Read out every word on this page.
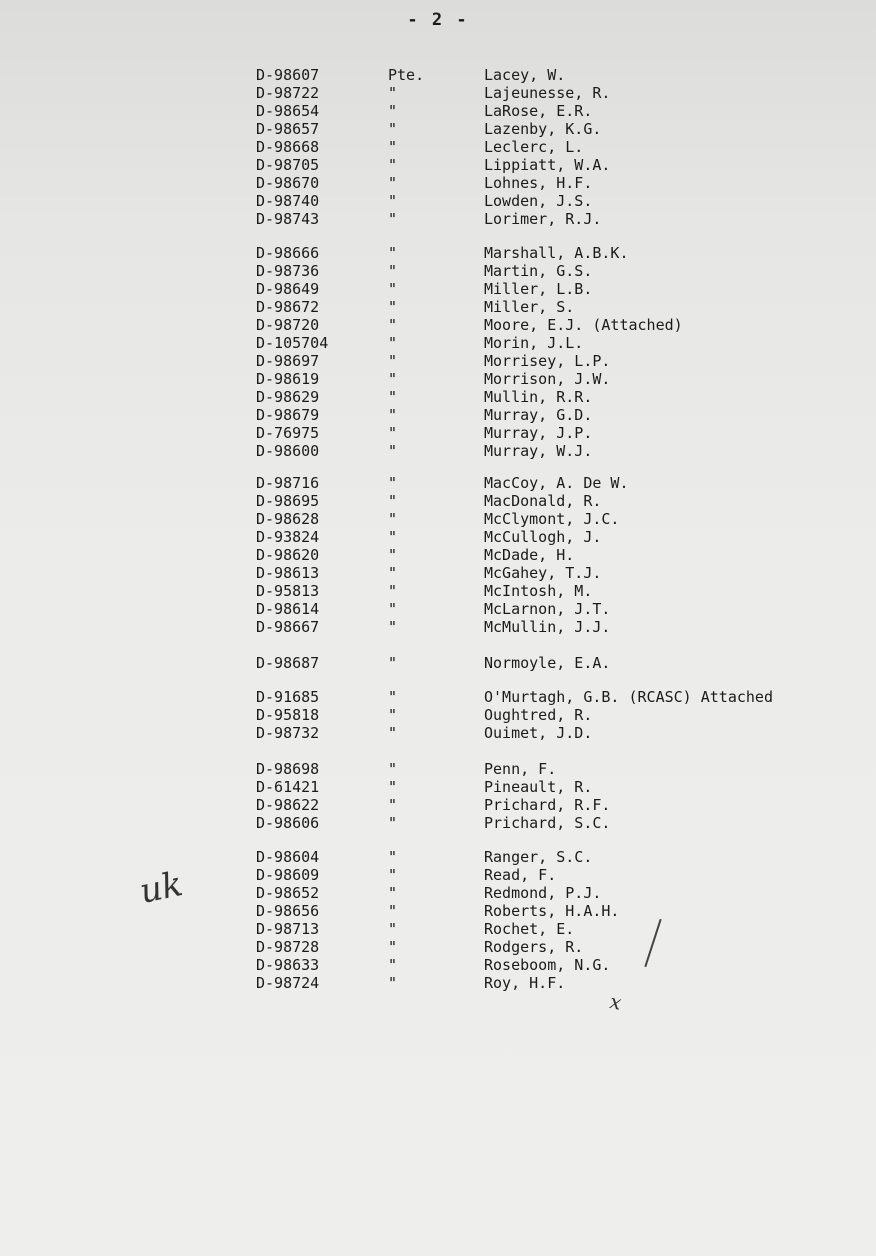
- 2 -
D-98607	Pte.	Lacey, W.
D-98722	"	Lajeunesse, R.
D-98654	"	LaRose, E.R.
D-98657	"	Lazenby, K.G.
D-98668	"	Leclerc, L.
D-98705	"	Lippiatt, W.A.
D-98670	"	Lohnes, H.F.
D-98740	"	Lowden, J.S.
D-98743	"	Lorimer, R.J.
D-98666	"	Marshall, A.B.K.
D-98736	"	Martin, G.S.
D-98649	"	Miller, L.B.
D-98672	"	Miller, S.
D-98720	"	Moore, E.J. (Attached)
D-105704	"	Morin, J.L.
D-98697	"	Morrisey, L.P.
D-98619	"	Morrison, J.W.
D-98629	"	Mullin, R.R.
D-98679	"	Murray, G.D.
D-76975	"	Murray, J.P.
D-98600	"	Murray, W.J.
D-98716	"	MacCoy, A. De W.
D-98695	"	MacDonald, R.
D-98628	"	McClymont, J.C.
D-93824	"	McCullogh, J.
D-98620	"	McDade, H.
D-98613	"	McGahey, T.J.
D-95813	"	McIntosh, M.
D-98614	"	McLarnon, J.T.
D-98667	"	McMullin, J.J.
D-98687	"	Normoyle, E.A.
D-91685	"	O'Murtagh, G.B. (RCASC) Attached
D-95818	"	Oughtred, R.
D-98732	"	Ouimet, J.D.
D-98698	"	Penn, F.
D-61421	"	Pineault, R.
D-98622	"	Prichard, R.F.
D-98606	"	Prichard, S.C.
D-98604	"	Ranger, S.C.
D-98609	"	Read, F.
D-98652	"	Redmond, P.J.
D-98656	"	Roberts, H.A.H.
D-98713	"	Rochet, E.
D-98728	"	Rodgers, R.
D-98633	"	Roseboom, N.G.
D-98724	"	Roy, H.F.
uk
x
